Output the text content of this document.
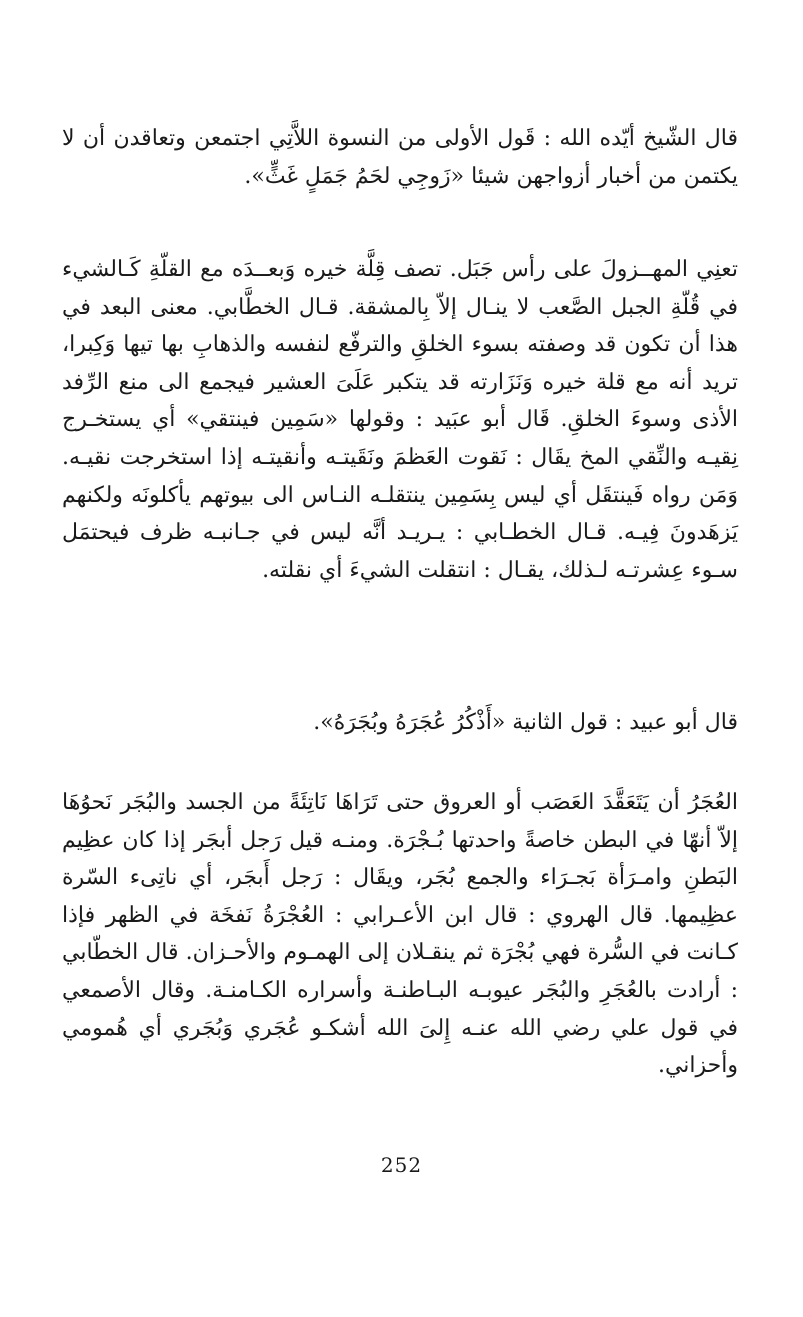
قال الشّيخ أيّده الله : قَول الأولى من النسوة اللاَّتِي اجتمعن وتعاقدن أن لا يكتمن من أخبار أزواجهن شيئا «زَوجِي لحَمُ جَمَلٍ غَثٍّ».

تعنِي المهــزولَ على رأس جَبَل. تصف قِلَّة خيره وَبعــدَه مع القلّةِ كَـالشيء في قُلّةِ الجبل الصَّعب لا ينـال إلاّ بِالمشقة. قـال الخطَّابي. معنى البعد في هذا أن تكون قد وصفته بسوء الخلقِ والترفّع لنفسه والذهابِ بها تيها وَكِبرا، تريد أنه مع قلة خيره وَنَزَارته قد يتكبر عَلَىَ العشير فيجمع الى منع الرِّفد الأذى وسوءَ الخلقِ. قَال أبو عبَيد : وقولها «سَمِين فينتقي» أي يستخـرج نِقيـه والنِّقي المخ يقَال : نَقوت العَظمَ ونَقَيتـه وأنقيتـه إذا استخرجت نقيـه. وَمَن رواه فَينتقَل أي ليس بِسَمِين ينتقلـه النـاس الى بيوتهم يأكلونَه ولكنهم يَزهَدونَ فِيـه. قـال الخطـابي : يـريـد أنَّه ليس في جـانبـه ظرف فيحتمَل سـوء عِشرتـه لـذلك، يقـال : انتقلت الشيءَ أي نقلته.

قال أبو عبيد : قول الثانية «أَذْكُرُ عُجَرَهُ وبُجَرَهُ».

العُجَرُ أن يَتَعَقَّدَ العَصَب أو العروق حتى تَرَاهَا نَاتِئَةً من الجسد والبُجَر نَحوُهَا إلاّ أنهّا في البطن خاصةً واحدتها بُـجْرَة. ومنـه قيل رَجل أبجَر إذا كان عظِيم البَطنِ وامـرَأة بَجـرَاء والجمع بُجَر، ويقَال : رَجل أَبجَر، أي ناتِىء السّرة عظِيمها. قال الهروي : قال ابن الأعـرابي : العُجْرَةُ نَفخَة في الظهر فإذا كـانت في السُّرة فهي بُجْرَة ثم ينقـلان إلى الهمـوم والأحـزان. قال الخطّابي : أرادت بالعُجَرِ والبُجَر عيوبـه البـاطنـة وأسراره الكـامنـة. وقال الأصمعي في قول علي رضي الله عنـه إِلىَ الله أشكـو عُجَري وَبُجَري أي هُمومي وأحزاني.

252
